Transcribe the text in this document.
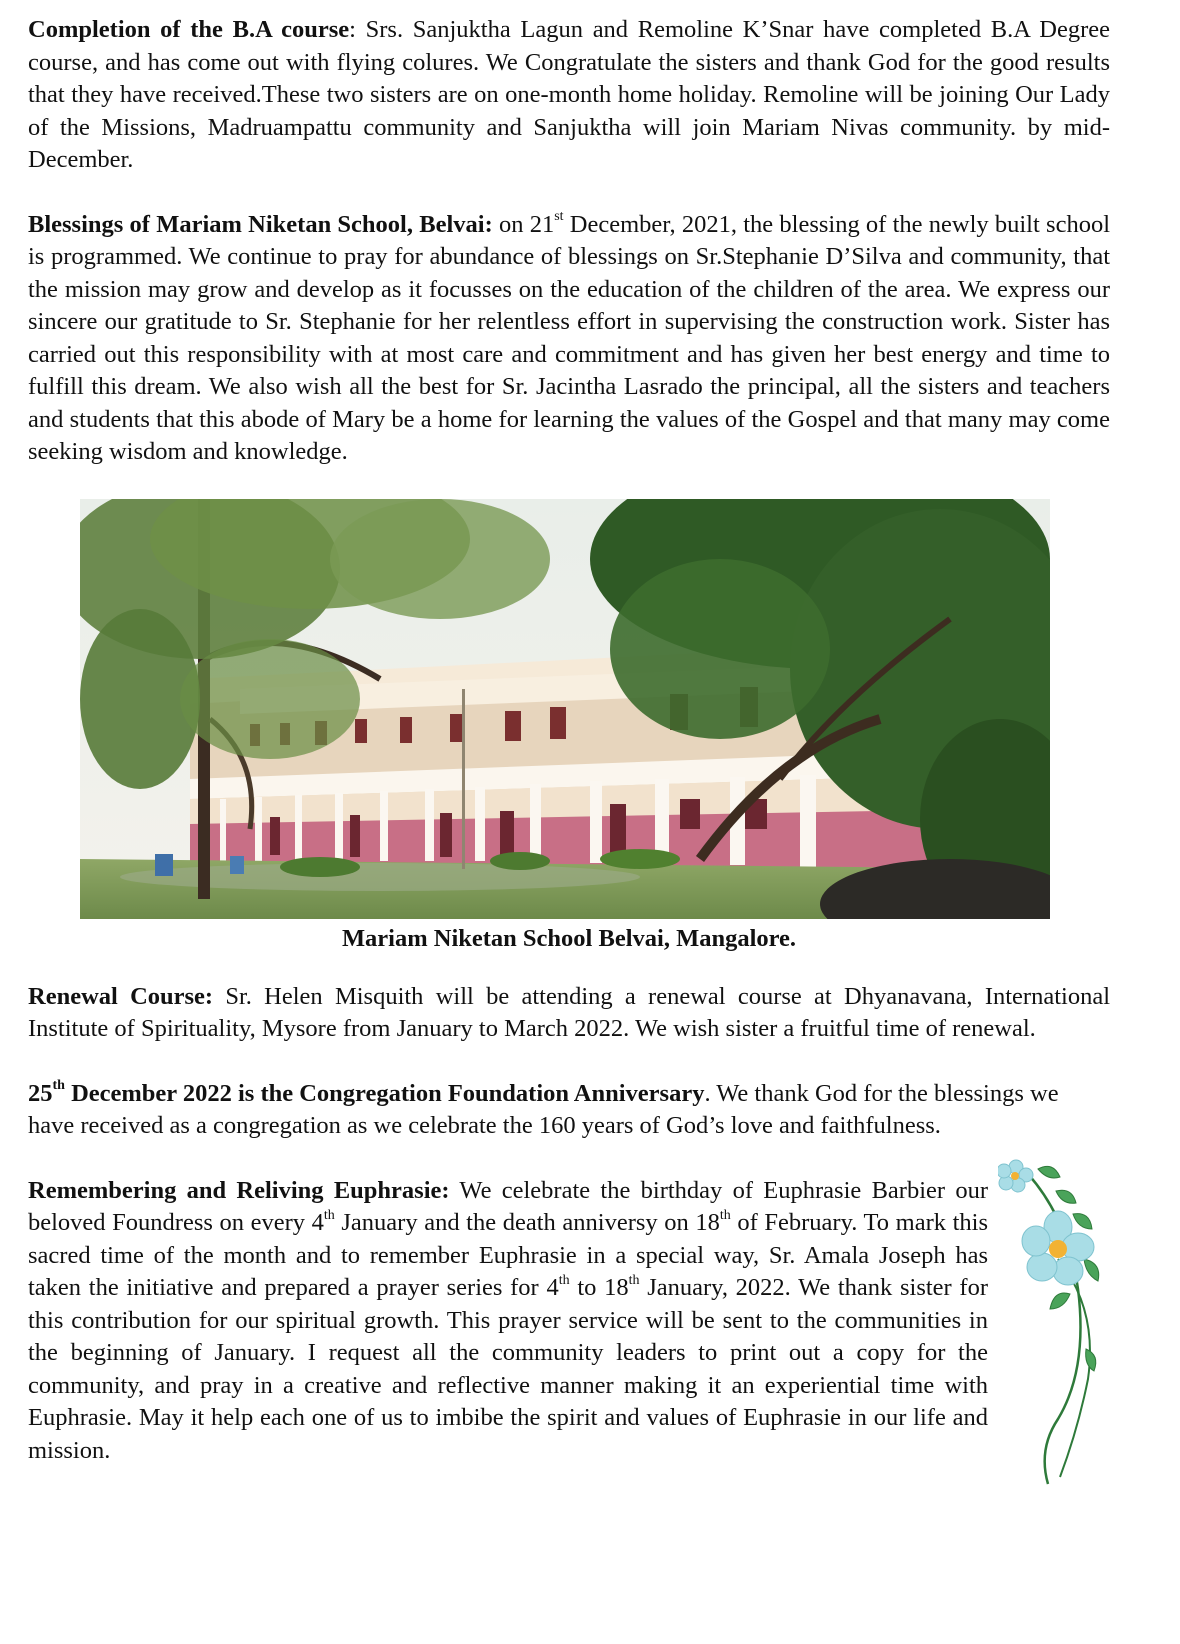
Completion of the B.A course: Srs. Sanjuktha Lagun and Remoline K’Snar have completed B.A Degree course, and has come out with flying colures. We Congratulate the sisters and thank God for the good results that they have received.These two sisters are on one-month home holiday. Remoline will be joining Our Lady of the Missions, Madruampattu community and Sanjuktha will join Mariam Nivas community. by mid-December.

Blessings of Mariam Niketan School, Belvai: on 21st December, 2021, the blessing of the newly built school is programmed. We continue to pray for abundance of blessings on Sr.Stephanie D’Silva and community, that the mission may grow and develop as it focusses on the education of the children of the area. We express our sincere our gratitude to Sr. Stephanie for her relentless effort in supervising the construction work. Sister has carried out this responsibility with at most care and commitment and has given her best energy and time to fulfill this dream. We also wish all the best for Sr. Jacintha Lasrado the principal, all the sisters and teachers and students that this abode of Mary be a home for learning the values of the Gospel and that many may come seeking wisdom and knowledge.

Mariam Niketan School Belvai, Mangalore.

Renewal Course: Sr. Helen Misquith will be attending a renewal course at Dhyanavana, International Institute of Spirituality, Mysore from January to March 2022. We wish sister a fruitful time of renewal.

25th December 2022 is the Congregation Foundation Anniversary. We thank God for the blessings we have received as a congregation as we celebrate the 160 years of God’s love and faithfulness.

Remembering and Reliving Euphrasie: We celebrate the birthday of Euphrasie Barbier our beloved Foundress on every 4th January and the death anniversy on 18th of February. To mark this sacred time of the month and to remember Euphrasie in a special way, Sr. Amala Joseph has taken the initiative and prepared a prayer series for 4th to 18th January, 2022. We thank sister for this contribution for our spiritual growth. This prayer service will be sent to the communities in the beginning of January. I request all the community leaders to print out a copy for the community, and pray in a creative and reflective manner making it an experiential time with Euphrasie. May it help each one of us to imbibe the spirit and values of Euphrasie in our life and mission.
